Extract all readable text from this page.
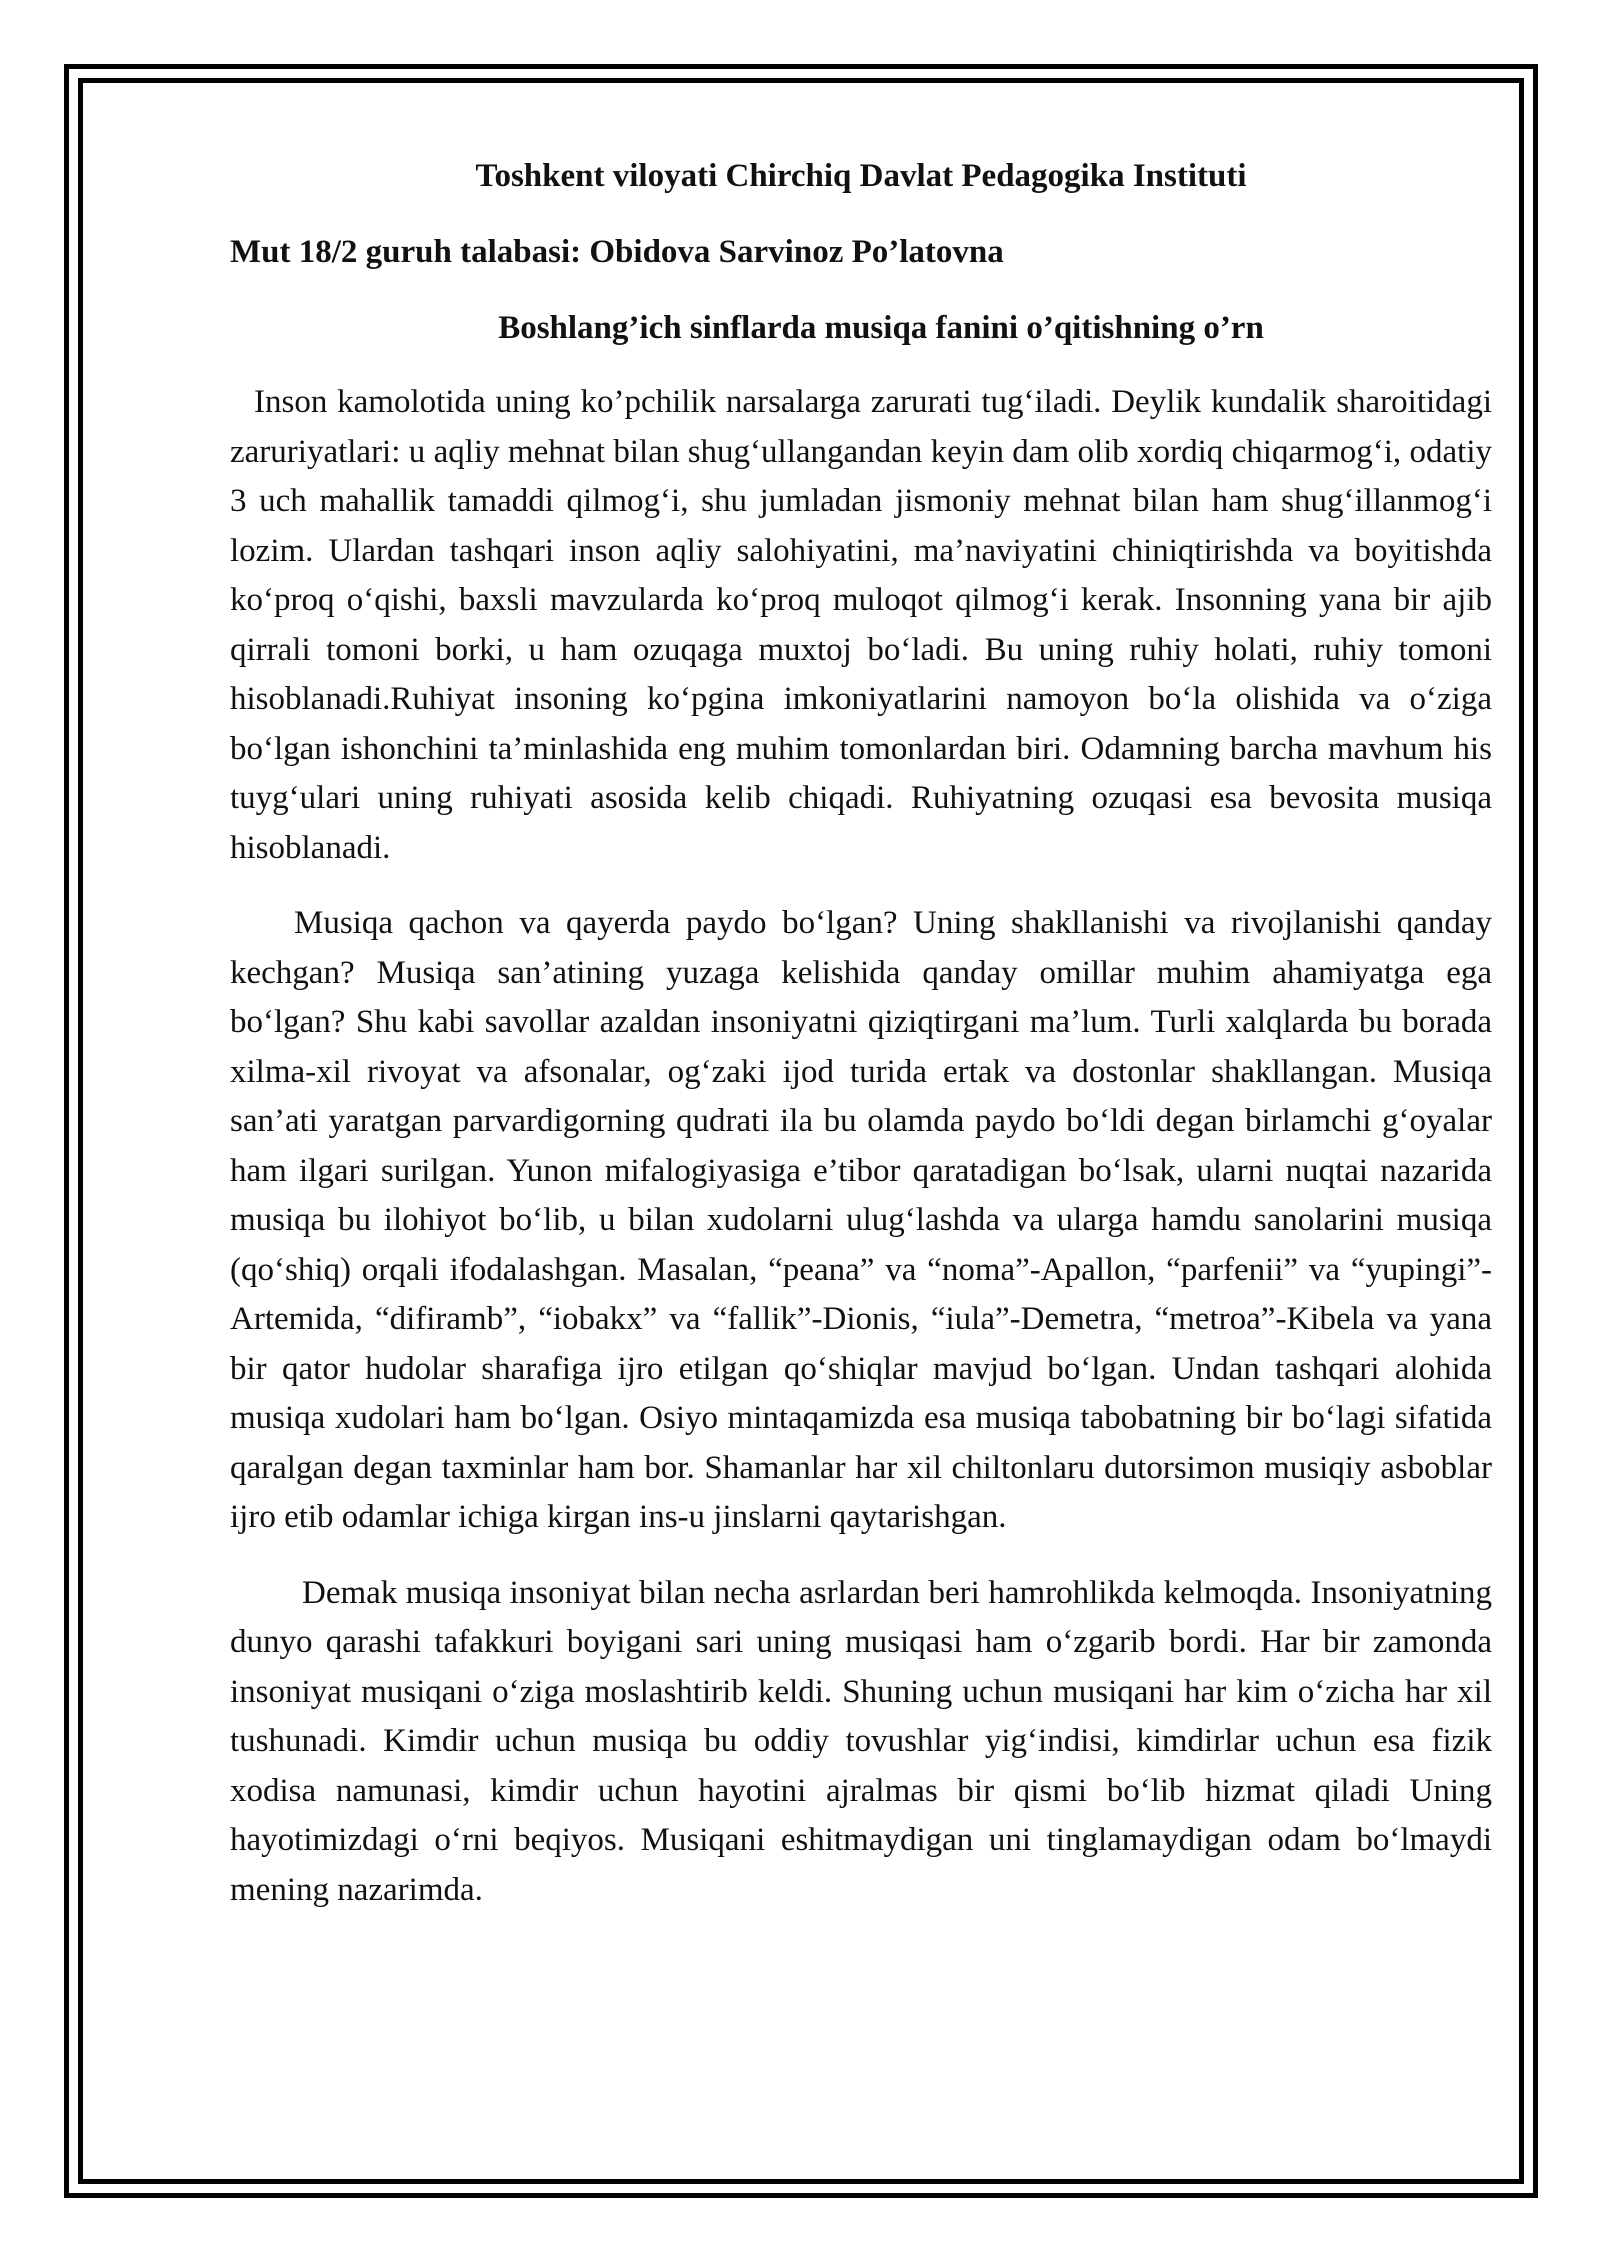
Toshkent viloyati Chirchiq Davlat Pedagogika Instituti

Mut 18/2 guruh talabasi: Obidova Sarvinoz Po’latovna

Boshlang’ich sinflarda musiqa fanini o’qitishning o’rn

Inson kamolotida uning ko’pchilik narsalarga zarurati tug‘iladi. Deylik kundalik sharoitidagi zaruriyatlari: u aqliy mehnat bilan shug‘ullangandan keyin dam olib xordiq chiqarmog‘i, odatiy 3 uch mahallik tamaddi qilmog‘i, shu jumladan jismoniy mehnat bilan ham shug‘illanmog‘i lozim. Ulardan tashqari inson aqliy salohiyatini, ma’naviyatini chiniqtirishda va boyitishda ko‘proq o‘qishi, baxsli mavzularda ko‘proq muloqot qilmog‘i kerak. Insonning yana bir ajib qirrali tomoni borki, u ham ozuqaga muxtoj bo‘ladi. Bu uning ruhiy holati, ruhiy tomoni hisoblanadi.Ruhiyat insoning ko‘pgina imkoniyatlarini namoyon bo‘la olishida va o‘ziga bo‘lgan ishonchini ta’minlashida eng muhim tomonlardan biri. Odamning barcha mavhum his tuyg‘ulari uning ruhiyati asosida kelib chiqadi. Ruhiyatning ozuqasi esa bevosita musiqa hisoblanadi.

Musiqa qachon va qayerda paydo bo‘lgan? Uning shakllanishi va rivojlanishi qanday kechgan? Musiqa san’atining yuzaga kelishida qanday omillar muhim ahamiyatga ega bo‘lgan? Shu kabi savollar azaldan insoniyatni qiziqtirgani ma’lum. Turli xalqlarda bu borada xilma-xil rivoyat va afsonalar, og‘zaki ijod turida ertak va dostonlar shakllangan. Musiqa san’ati yaratgan parvardigorning qudrati ila bu olamda paydo bo‘ldi degan birlamchi g‘oyalar ham ilgari surilgan. Yunon mifalogiyasiga e’tibor qaratadigan bo‘lsak, ularni nuqtai nazarida musiqa bu ilohiyot bo‘lib, u bilan xudolarni ulug‘lashda va ularga hamdu sanolarini musiqa (qo‘shiq) orqali ifodalashgan. Masalan, “peana” va “noma”-Apallon, “parfenii” va “yupingi”-Artemida, “difiramb”, “iobakx” va “fallik”-Dionis, “iula”-Demetra, “metroa”-Kibela va yana bir qator hudolar sharafiga ijro etilgan qo‘shiqlar mavjud bo‘lgan. Undan tashqari alohida musiqa xudolari ham bo‘lgan. Osiyo mintaqamizda esa musiqa tabobatning bir bo‘lagi sifatida qaralgan degan taxminlar ham bor. Shamanlar har xil chiltonlaru dutorsimon musiqiy asboblar ijro etib odamlar ichiga kirgan ins-u jinslarni qaytarishgan.

Demak musiqa insoniyat bilan necha asrlardan beri hamrohlikda kelmoqda. Insoniyatning dunyo qarashi tafakkuri boyigani sari uning musiqasi ham o‘zgarib bordi. Har bir zamonda insoniyat musiqani o‘ziga moslashtirib keldi. Shuning uchun musiqani har kim o‘zicha har xil tushunadi. Kimdir uchun musiqa bu oddiy tovushlar yig‘indisi, kimdirlar uchun esa fizik xodisa namunasi, kimdir uchun hayotini ajralmas bir qismi bo‘lib hizmat qiladi Uning hayotimizdagi o‘rni beqiyos. Musiqani eshitmaydigan uni tinglamaydigan odam bo‘lmaydi mening nazarimda.
